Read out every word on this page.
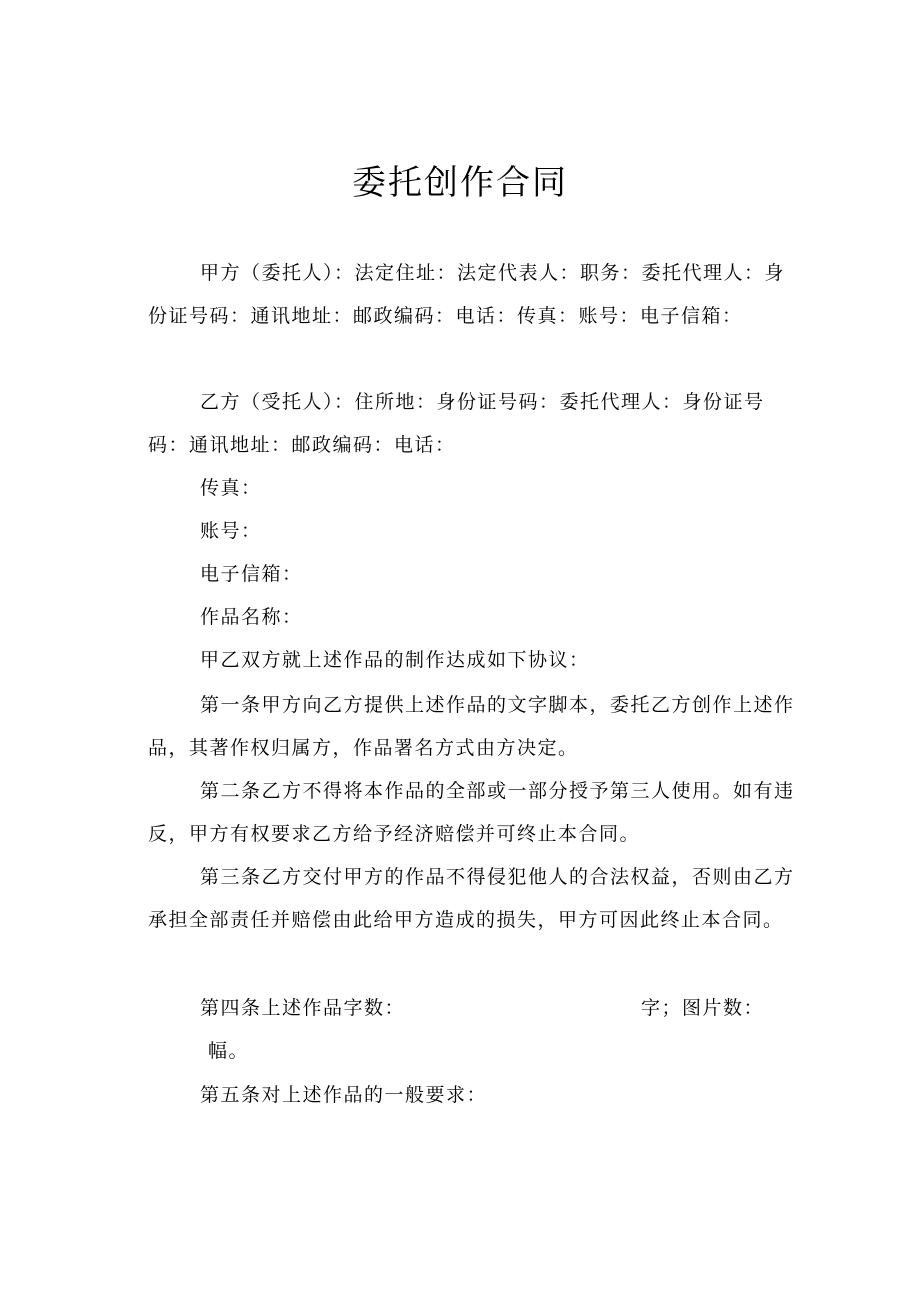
委托创作合同
甲方（委托人）：法定住址：法定代表人：职务：委托代理人：身份证号码：通讯地址：邮政编码：电话：传真：账号：电子信箱：
乙方（受托人）：住所地：身份证号码：委托代理人：身份证号码：通讯地址：邮政编码：电话：
传真：
账号：
电子信箱：
作品名称：
甲乙双方就上述作品的制作达成如下协议：
第一条甲方向乙方提供上述作品的文字脚本，委托乙方创作上述作品，其著作权归属方，作品署名方式由方决定。
第二条乙方不得将本作品的全部或一部分授予第三人使用。如有违反，甲方有权要求乙方给予经济赔偿并可终止本合同。
第三条乙方交付甲方的作品不得侵犯他人的合法权益，否则由乙方承担全部责任并赔偿由此给甲方造成的损失，甲方可因此终止本合同。
第四条上述作品字数：	字；图片数：幅。
第五条对上述作品的一般要求：
